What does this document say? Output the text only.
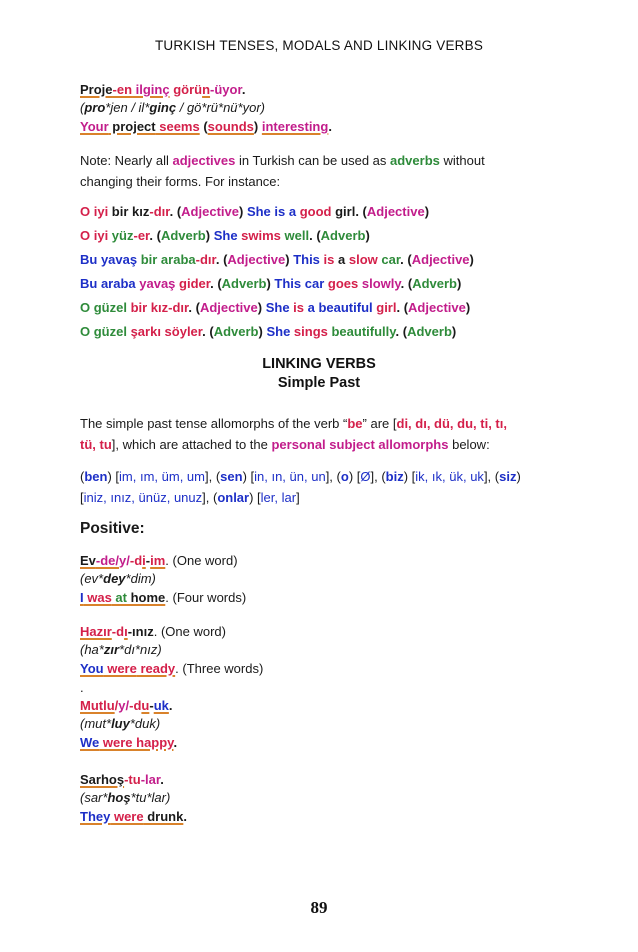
TURKISH TENSES, MODALS AND LINKING VERBS
Proje-en ilginç görün-üyor.
(pro*jen / il*ginç / gö*rü*nü*yor)
Your project seems (sounds) interesting.
Note: Nearly all adjectives in Turkish can be used as adverbs without
changing their forms. For instance:
O iyi bir kız-dır. (Adjective) She is a good girl. (Adjective)
O iyi yüz-er. (Adverb) She swims well. (Adverb)
Bu yavaş bir araba-dır. (Adjective) This is a slow car. (Adjective)
Bu araba yavaş gider. (Adverb) This car goes slowly. (Adverb)
O güzel bir kız-dır. (Adjective) She is a beautiful girl. (Adjective)
O güzel şarkı söyler. (Adverb) She sings beautifully. (Adverb)
LINKING VERBS
Simple Past
The simple past tense allomorphs of the verb “be” are [di, dı, dü, du, ti, tı,
tü, tu], which are attached to the personal subject allomorphs below:
(ben) [im, ım, üm, um], (sen) [in, ın, ün, un], (o) [Ø], (biz) [ik, ık, ük, uk], (siz)
[iniz, ınız, ünüz, unuz], (onlar) [ler, lar]
Positive:
Ev-de/y/-di-im. (One word)
(ev*dey*dim)
I was at home. (Four words)
Hazır-dı-ınız. (One word)
(ha*zır*dı*nız)
You were ready. (Three words)
.
Mutlu/y/-du-uk.
(mut*luy*duk)
We were happy.
Sarhoş-tu-lar.
(sar*hoş*tu*lar)
They were drunk.
89
